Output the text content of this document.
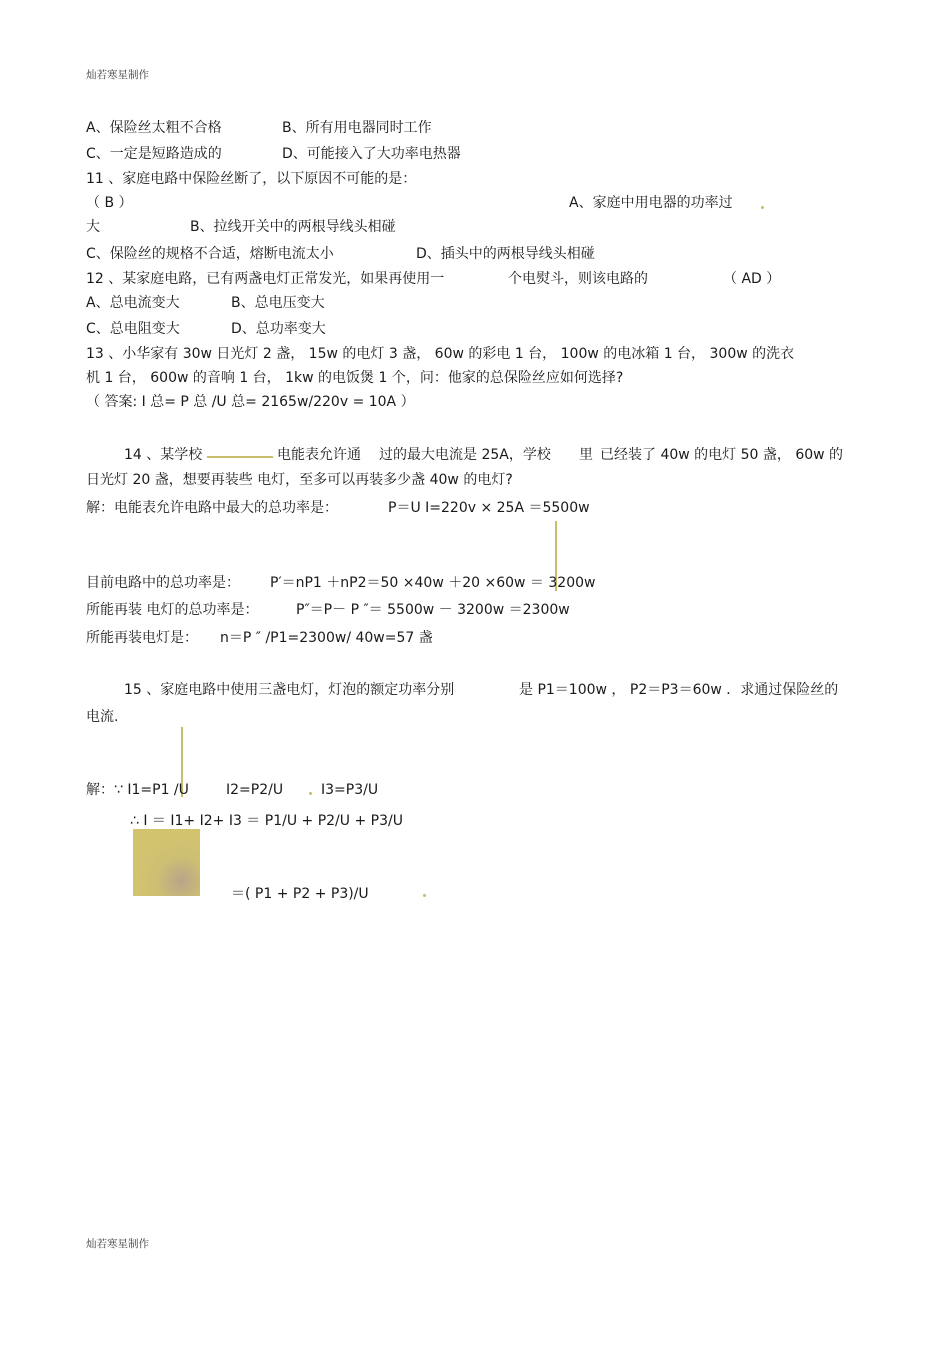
灿若寒星制作
灿若寒星制作
A、保险丝太粗不合格	B、所有用电器同时工作
C、一定是短路造成的	D、可能接入了大功率电热器
11 、家庭电路中保险丝断了，以下原因不可能的是：
（ B ）	A、家庭中用电器的功率过
大	B、拉线开关中的两根导线头相碰
C、保险丝的规格不合适，熔断电流太小	D、插头中的两根导线头相碰
12 、某家庭电路，已有两盏电灯正常发光，如果再使用一	个电熨斗，则该电路的	（ AD ）
A、总电流变大	B、总电压变大
C、总电阻变大	D、总功率变大
13 、小华家有 30w 日光灯 2 盏， 15w 的电灯 3 盏， 60w 的彩电 1 台， 100w 的电冰箱 1 台， 300w 的洗衣
机 1 台， 600w 的音响 1 台， 1kw 的电饭煲 1 个，问：他家的总保险丝应如何选择?
（ 答案: I 总= P 总 /U 总= 2165w/220v = 10A ）
14 、某学校	电能表允许通 过的最大电流是 25A，学校 里 已经装了 40w 的电灯 50 盏， 60w 的
日光灯 20 盏，想要再装些 电灯，至多可以再装多少盏 40w 的电灯?
解：电能表允许电路中最大的总功率是：	P＝U I=220v × 25A ＝5500w
目前电路中的总功率是： P′＝nP1 ＋nP2＝50 ×40w ＋20 ×60w ＝ 3200w
所能再装 电灯的总功率是：	P″＝P－ P ″＝ 5500w － 3200w ＝2300w
所能再装电灯是： n＝P ″ /P1=2300w/ 40w=57 盏
15 、家庭电路中使用三盏电灯，灯泡的额定功率分别	是 P1＝100w ， P2＝P3＝60w ．求通过保险丝的
电流.
解：∵ I1=P1 /U	I2=P2/U	I3=P3/U
∴ I ＝ I1+ I2+ I3 ＝ P1/U + P2/U + P3/U
＝( P1 + P2 + P3)/U
